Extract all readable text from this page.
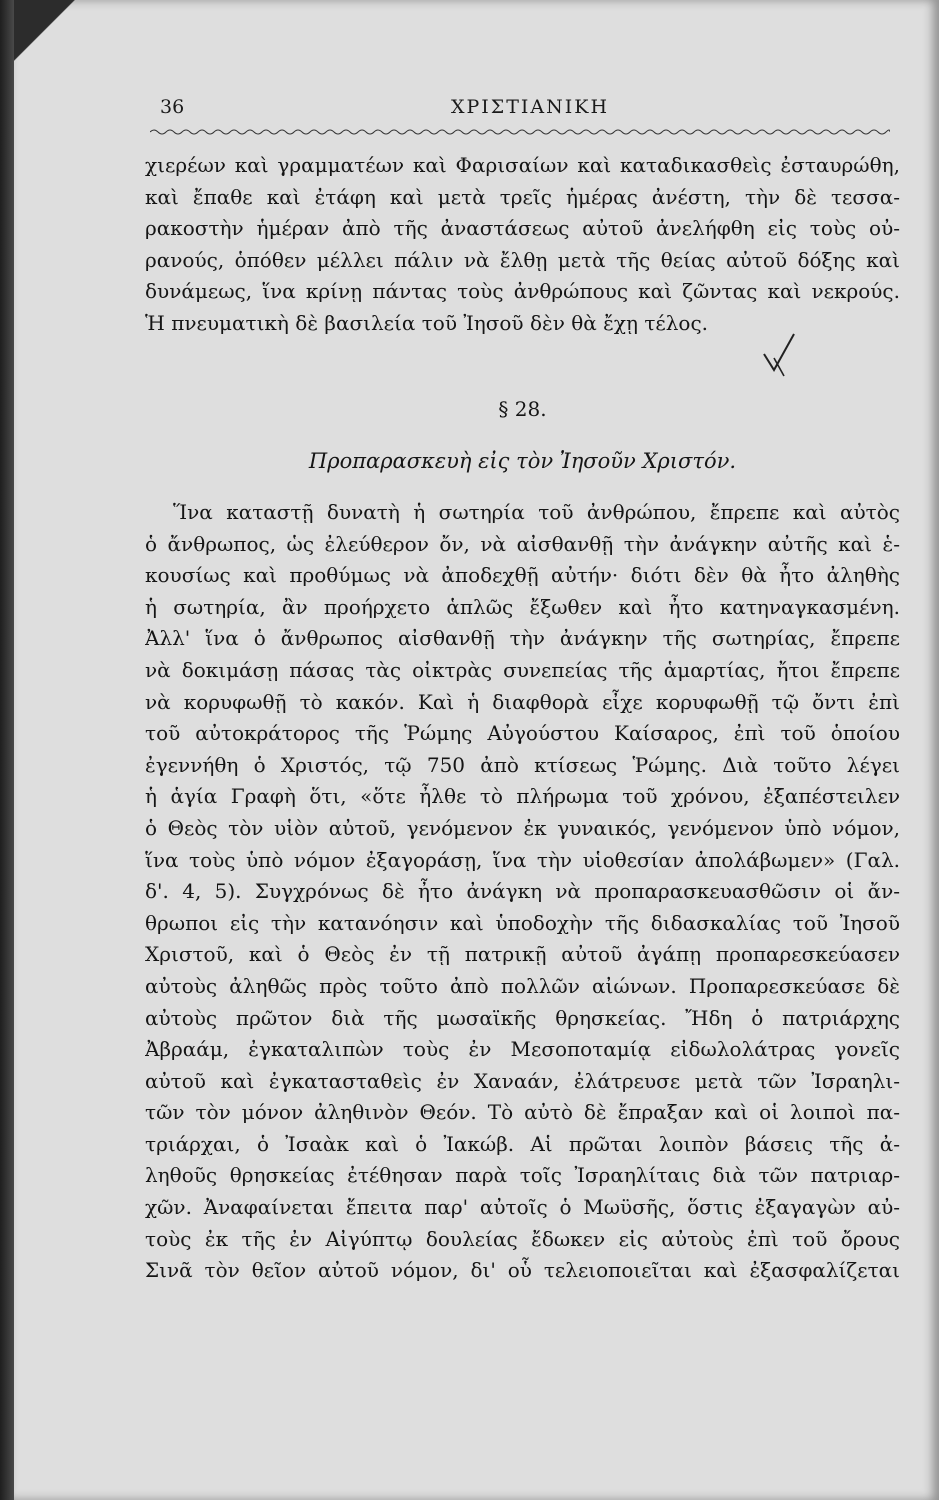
36	ΧΡΙΣΤΙΑΝΙΚΗ
χιερέων καὶ γραμματέων καὶ Φαρισαίων καὶ καταδικασθεὶς ἐσταυρώθη,
καὶ ἔπαθε καὶ ἐτάφη καὶ μετὰ τρεῖς ἡμέρας ἀνέστη, τὴν δὲ τεσσα-
ρακοστὴν ἡμέραν ἀπὸ τῆς ἀναστάσεως αὐτοῦ ἀνελήφθη εἰς τοὺς οὐ-
ρανούς, ὁπόθεν μέλλει πάλιν νὰ ἔλθῃ μετὰ τῆς θείας αὐτοῦ δόξης καὶ
δυνάμεως, ἵνα κρίνῃ πάντας τοὺς ἀνθρώπους καὶ ζῶντας καὶ νεκρούς.
Ἡ πνευματικὴ δὲ βασιλεία τοῦ Ἰησοῦ δὲν θὰ ἔχῃ τέλος.
§ 28.
Προπαρασκευὴ εἰς τὸν Ἰησοῦν Χριστόν.
Ἵνα καταστῇ δυνατὴ ἡ σωτηρία τοῦ ἀνθρώπου, ἔπρεπε καὶ αὐτὸς
ὁ ἄνθρωπος, ὡς ἐλεύθερον ὄν, νὰ αἰσθανθῇ τὴν ἀνάγκην αὐτῆς καὶ ἑ-
κουσίως καὶ προθύμως νὰ ἀποδεχθῇ αὐτήν· διότι δὲν θὰ ἦτο ἀληθὴς
ἡ σωτηρία, ἂν προήρχετο ἁπλῶς ἔξωθεν καὶ ἦτο κατηναγκασμένη.
Ἀλλ' ἵνα ὁ ἄνθρωπος αἰσθανθῇ τὴν ἀνάγκην τῆς σωτηρίας, ἔπρεπε
νὰ δοκιμάσῃ πάσας τὰς οἰκτρὰς συνεπείας τῆς ἁμαρτίας, ἤτοι ἔπρεπε
νὰ κορυφωθῇ τὸ κακόν. Καὶ ἡ διαφθορὰ εἶχε κορυφωθῇ τῷ ὄντι ἐπὶ
τοῦ αὐτοκράτορος τῆς Ῥώμης Αὐγούστου Καίσαρος, ἐπὶ τοῦ ὁποίου
ἐγεννήθη ὁ Χριστός, τῷ 750 ἀπὸ κτίσεως Ῥώμης. Διὰ τοῦτο λέγει
ἡ ἁγία Γραφὴ ὅτι, «ὅτε ἦλθε τὸ πλήρωμα τοῦ χρόνου, ἐξαπέστειλεν
ὁ Θεὸς τὸν υἱὸν αὐτοῦ, γενόμενον ἐκ γυναικός, γενόμενον ὑπὸ νόμον,
ἵνα τοὺς ὑπὸ νόμον ἐξαγοράσῃ, ἵνα τὴν υἱοθεσίαν ἀπολάβωμεν» (Γαλ.
δ'. 4, 5). Συγχρόνως δὲ ἦτο ἀνάγκη νὰ προπαρασκευασθῶσιν οἱ ἄν-
θρωποι εἰς τὴν κατανόησιν καὶ ὑποδοχὴν τῆς διδασκαλίας τοῦ Ἰησοῦ
Χριστοῦ, καὶ ὁ Θεὸς ἐν τῇ πατρικῇ αὐτοῦ ἀγάπῃ προπαρεσκεύασεν
αὐτοὺς ἀληθῶς πρὸς τοῦτο ἀπὸ πολλῶν αἰώνων. Προπαρεσκεύασε δὲ
αὐτοὺς πρῶτον διὰ τῆς μωσαϊκῆς θρησκείας. Ἤδη ὁ πατριάρχης
Ἀβραάμ, ἐγκαταλιπὼν τοὺς ἐν Μεσοποταμίᾳ εἰδωλολάτρας γονεῖς
αὐτοῦ καὶ ἐγκατασταθεὶς ἐν Χαναάν, ἐλάτρευσε μετὰ τῶν Ἰσραηλι-
τῶν τὸν μόνον ἀληθινὸν Θεόν. Τὸ αὐτὸ δὲ ἔπραξαν καὶ οἱ λοιποὶ πα-
τριάρχαι, ὁ Ἰσαὰκ καὶ ὁ Ἰακώβ. Αἱ πρῶται λοιπὸν βάσεις τῆς ἀ-
ληθοῦς θρησκείας ἐτέθησαν παρὰ τοῖς Ἰσραηλίταις διὰ τῶν πατριαρ-
χῶν. Ἀναφαίνεται ἔπειτα παρ' αὐτοῖς ὁ Μωϋσῆς, ὅστις ἐξαγαγὼν αὐ-
τοὺς ἐκ τῆς ἐν Αἰγύπτῳ δουλείας ἔδωκεν εἰς αὐτοὺς ἐπὶ τοῦ ὄρους
Σινᾶ τὸν θεῖον αὐτοῦ νόμον, δι' οὗ τελειοποιεῖται καὶ ἐξασφαλίζεται
